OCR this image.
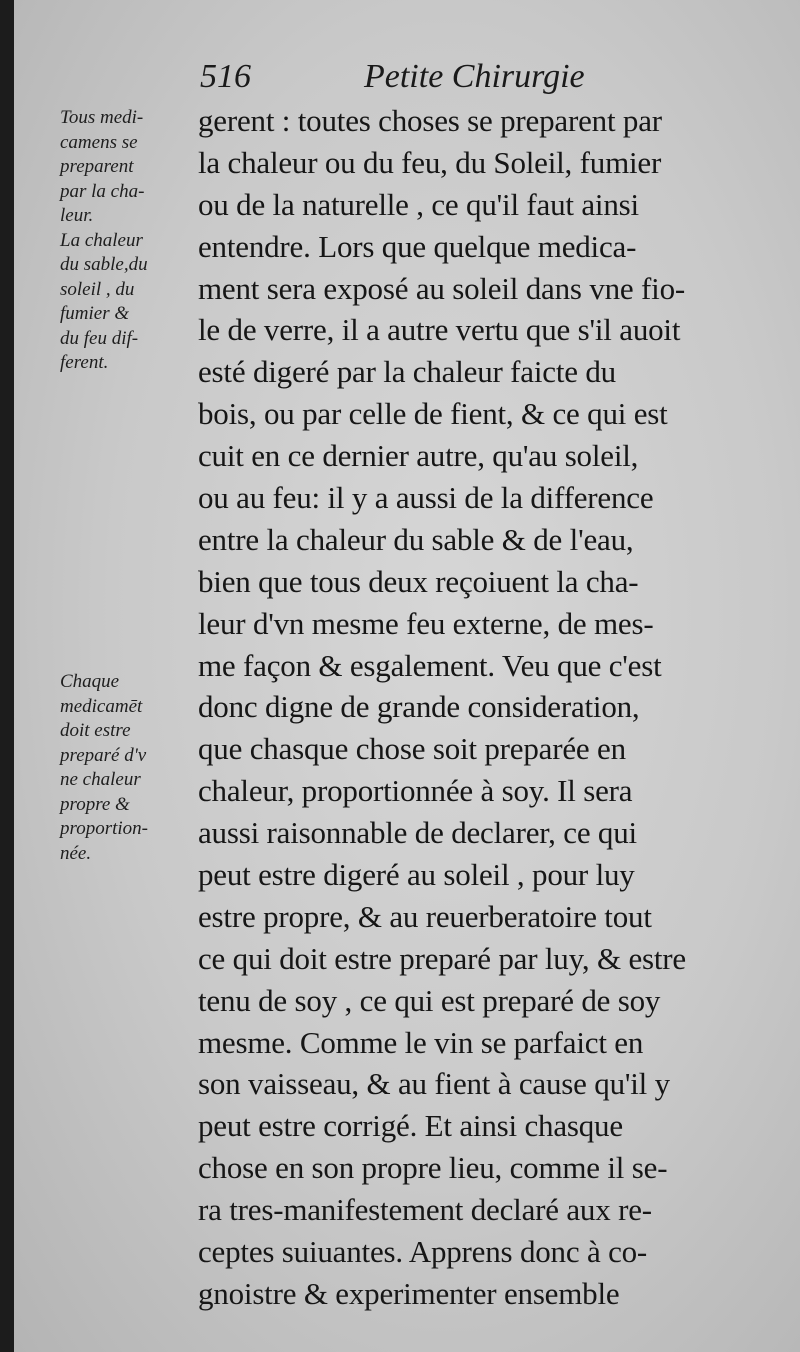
516	Petite Chirurgie
Tous medi-
camens se
preparent
par la cha-
leur.
La chaleur
du sable,du
soleil , du
fumier &
du feu dif-
ferent.
Chaque
medicamēt
doit estre
preparé d'v
ne chaleur
propre &
proportion-
née.
gerent : toutes choses se preparent par
la chaleur ou du feu, du Soleil, fumier
ou de la naturelle , ce qu'il faut ainsi
entendre. Lors que quelque medica-
ment sera exposé au soleil dans vne fio-
le de verre, il a autre vertu que s'il auoit
esté digeré par la chaleur faicte du
bois, ou par celle de fient, & ce qui est
cuit en ce dernier autre, qu'au soleil,
ou au feu: il y a aussi de la difference
entre la chaleur du sable & de l'eau,
bien que tous deux reçoiuent la cha-
leur d'vn mesme feu externe, de mes-
me façon & esgalement. Veu que c'est
donc digne de grande consideration,
que chasque chose soit preparée en
chaleur, proportionnée à soy. Il sera
aussi raisonnable de declarer, ce qui
peut estre digeré au soleil , pour luy
estre propre, & au reuerberatoire tout
ce qui doit estre preparé par luy, & estre
tenu de soy , ce qui est preparé de soy
mesme. Comme le vin se parfaict en
son vaisseau, & au fient à cause qu'il y
peut estre corrigé. Et ainsi chasque
chose en son propre lieu, comme il se-
ra tres-manifestement declaré aux re-
ceptes suiuantes. Apprens donc à co-
gnoistre & experimenter ensemble
